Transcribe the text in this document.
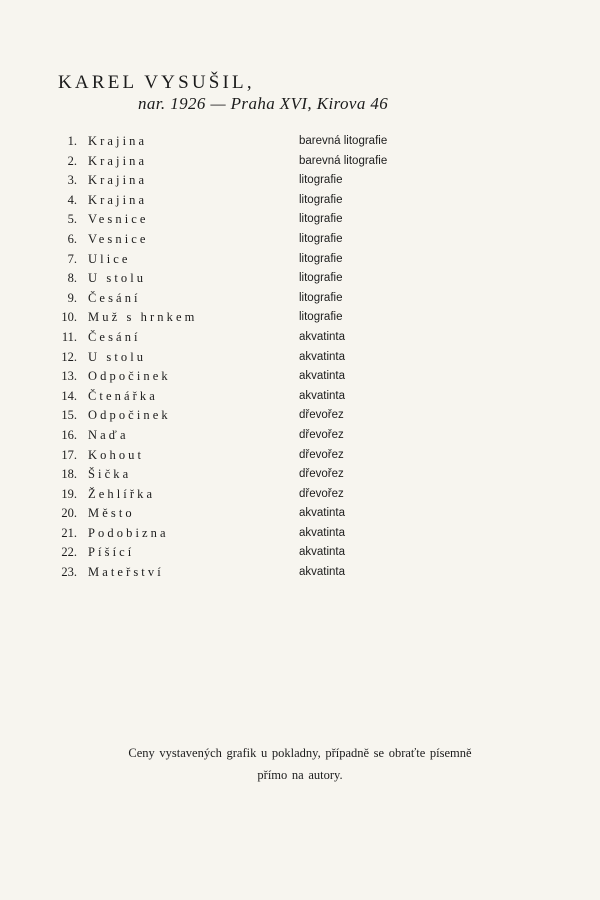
KAREL VYSUŠIL,
nar. 1926 — Praha XVI, Kirova 46
1. Krajina	barevná litografie
2. Krajina	barevná litografie
3. Krajina	litografie
4. Krajina	litografie
5. Vesnice	litografie
6. Vesnice	litografie
7. Ulice	litografie
8. U stolu	litografie
9. Česání	litografie
10. Muž s hrnkem	litografie
11. Česání	akvatinta
12. U stolu	akvatinta
13. Odpočinek	akvatinta
14. Čtenářka	akvatinta
15. Odpočinek	dřevořez
16. Naďa	dřevořez
17. Kohout	dřevořez
18. Šička	dřevořez
19. Žehlířka	dřevořez
20. Město	akvatinta
21. Podobizna	akvatinta
22. Píšící	akvatinta
23. Mateřství	akvatinta
Ceny vystavených grafik u pokladny, případně se obraťte písemně
přímo na autory.
